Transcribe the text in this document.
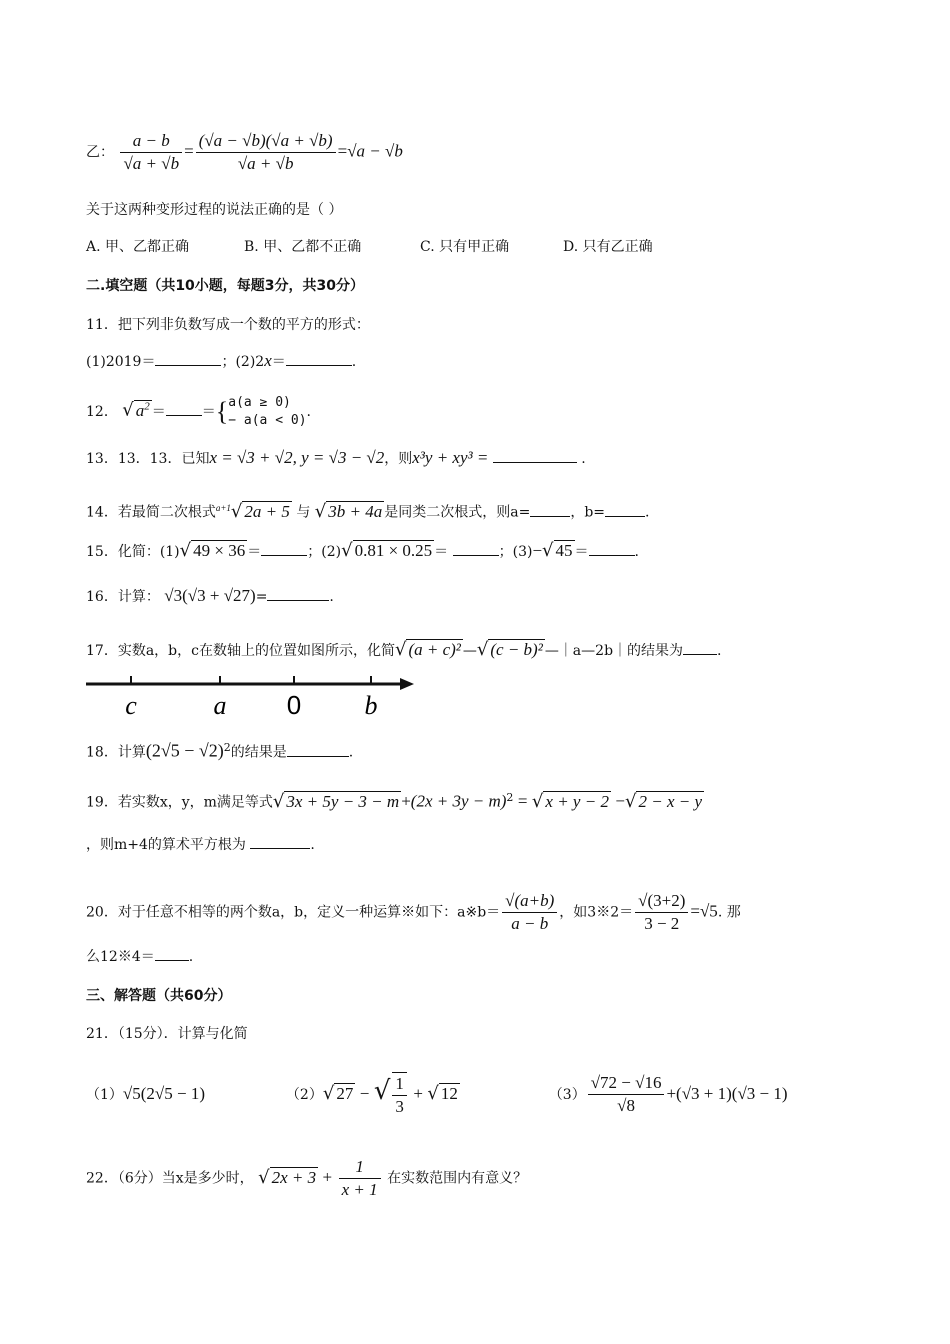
乙： $\frac{a - b}{√a + √b} = \frac{(√a - √b)(√a + √b)}{√a + √b} =√a - √b$
关于这两种变形过程的说法正确的是（ ）
A. 甲、乙都正确	B. 甲、乙都不正确	C. 只有甲正确	D. 只有乙正确
二.填空题（共10小题，每题3分，共30分）
11．把下列非负数写成一个数的平方的形式：
(1)2019＝	；(2)2x＝	.
12． √ $a^2$ ＝	＝{ a(a ≥ 0)
− a(a < 0)
.
13．13．13．已知x = √3 + √2, y = √3 − √2，则x³y + xy³ =	.
14．若最简二次根式$^{a+1}$√ 2a + 5 与 √ 3b + 4a 是同类二次根式，则a=	，b=	.
15．化简：(1)√ 49 × 36 ＝	；(2)√ 0.81 × 0.25 ＝	；(3)−√ 45 ＝	.
16．计算： √3(√3 + √27)=	.
17．实数a，b，c在数轴上的位置如图所示，化简√ (a + c)² —√ (c − b)² —｜a—2b｜的结果为 .
c	a 0 b
18．计算$(2√5 - √2)^2$的结果是	.
19．若实数x，y，m满足等式√ $3x + 5y - 3 - m +(2x + 3y - m)^2$ = √ x + y − 2 −√ 2 − x − y
，则m+4的算术平方根为	.
20．对于任意不相等的两个数a，b，定义一种运算※如下：a※b＝ $\frac{√(a+b)}{a - b}$ ，如3※2＝ $\frac{√(3+2)}{3 - 2} =√5$. 那
么12※4＝ .
三、解答题（共60分）
21．（15分）．计算与化简
（1）√5(2√5 − 1)	（2）√ 27 − √ $\frac{1}{3}$ + √ 12	$(3) \frac{√72 - √16}{√8} +(√3 + 1)(√3 - 1)$
22．（6分）当x是多少时， √ $2x + 3 + \frac{1}{x + 1}$ 在实数范围内有意义？
